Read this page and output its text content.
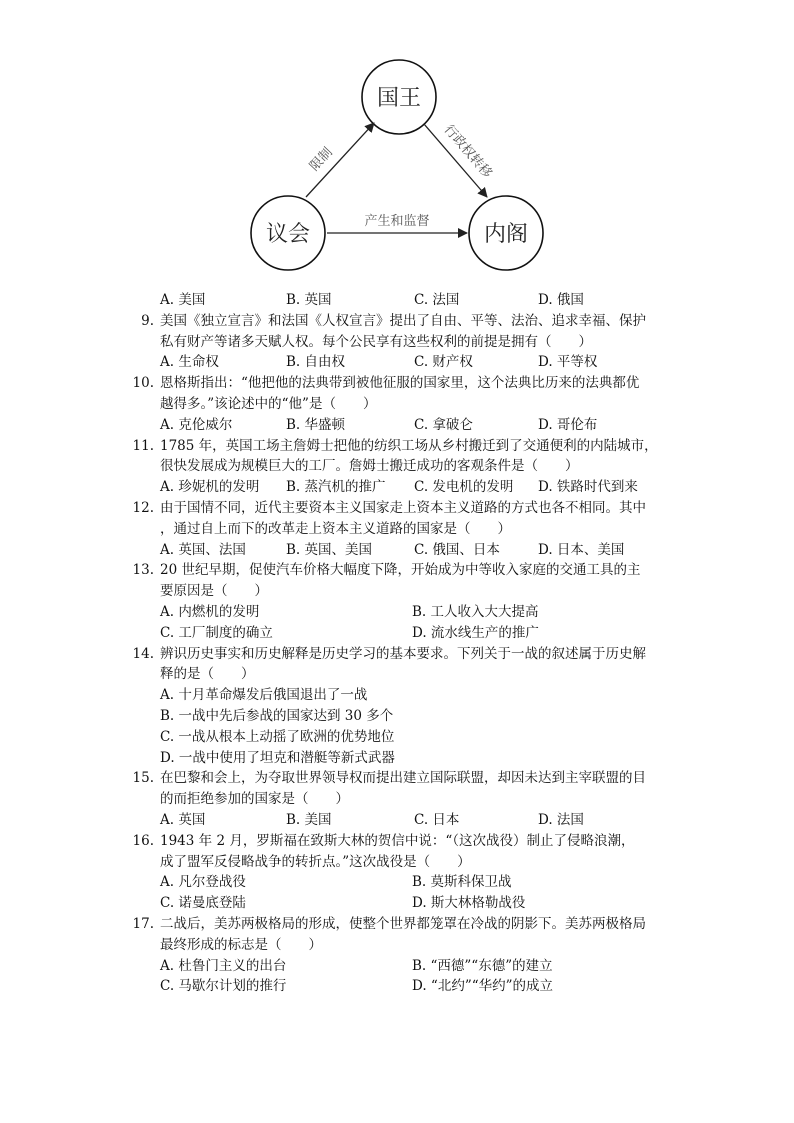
国王
议会	内阁
限制	行政权转移
产生和监督
A. 美国	B. 英国	C. 法国	D. 俄国
9. 美国《独立宣言》和法国《人权宣言》提出了自由、平等、法治、追求幸福、保护
私有财产等诸多天赋人权。每个公民享有这些权利的前提是拥有（　　）
A. 生命权	B. 自由权	C. 财产权	D. 平等权
10. 恩格斯指出：“他把他的法典带到被他征服的国家里，这个法典比历来的法典都优
越得多。”该论述中的“他”是（　　）
A. 克伦威尔	B. 华盛顿	C. 拿破仑	D. 哥伦布
11. 1785 年，英国工场主詹姆士把他的纺织工场从乡村搬迁到了交通便利的内陆城市，
很快发展成为规模巨大的工厂。詹姆士搬迁成功的客观条件是（　　）
A. 珍妮机的发明 B. 蒸汽机的推广 C. 发电机的发明 D. 铁路时代到来
12. 由于国情不同，近代主要资本主义国家走上资本主义道路的方式也各不相同。其中
，通过自上而下的改革走上资本主义道路的国家是（　　）
A. 英国、法国	B. 英国、美国	C. 俄国、日本	D. 日本、美国
13. 20 世纪早期，促使汽车价格大幅度下降，开始成为中等收入家庭的交通工具的主
要原因是（　　）
A. 内燃机的发明	B. 工人收入大大提高
C. 工厂制度的确立	D. 流水线生产的推广
14. 辨识历史事实和历史解释是历史学习的基本要求。下列关于一战的叙述属于历史解
释的是（　　）
A. 十月革命爆发后俄国退出了一战
B. 一战中先后参战的国家达到 30 多个
C. 一战从根本上动摇了欧洲的优势地位
D. 一战中使用了坦克和潜艇等新式武器
15. 在巴黎和会上，为夺取世界领导权而提出建立国际联盟，却因未达到主宰联盟的目
的而拒绝参加的国家是（　　）
A. 英国	B. 美国	C. 日本	D. 法国
16. 1943 年 2 月，罗斯福在致斯大林的贺信中说：“（这次战役）制止了侵略浪潮，
成了盟军反侵略战争的转折点。”这次战役是（　　）
A. 凡尔登战役	B. 莫斯科保卫战
C. 诺曼底登陆	D. 斯大林格勒战役
17. 二战后，美苏两极格局的形成，使整个世界都笼罩在冷战的阴影下。美苏两极格局
最终形成的标志是（　　）
A. 杜鲁门主义的出台	B. “西德”“东德”的建立
C. 马歇尔计划的推行	D. “北约”“华约”的成立
